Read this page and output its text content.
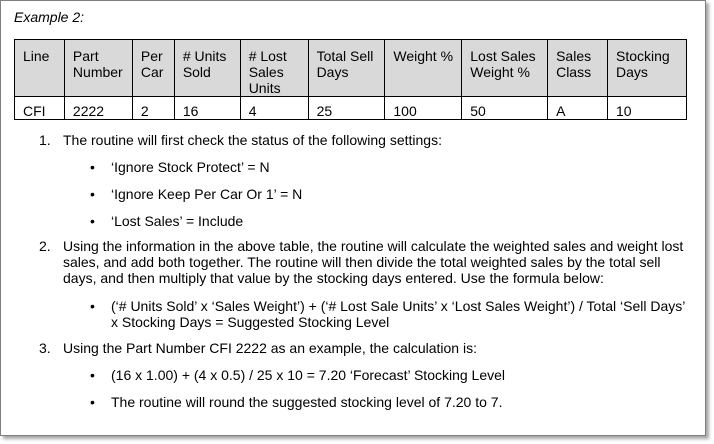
Example 2:
Line	Part Number	Per Car	# Units Sold	# Lost Sales Units	Total Sell Days	Weight %	Lost Sales Weight %	Sales Class	Stocking Days
CFI	2222	2	16	4	25	100	50	A	10
1. The routine will first check the status of the following settings:
• ‘Ignore Stock Protect’ = N
• ‘Ignore Keep Per Car Or 1’ = N
• ‘Lost Sales’ = Include
2. Using the information in the above table, the routine will calculate the weighted sales and weight lost sales, and add both together. The routine will then divide the total weighted sales by the total sell days, and then multiply that value by the stocking days entered. Use the formula below:
• (‘# Units Sold’ x ‘Sales Weight’) + (‘# Lost Sale Units’ x ‘Lost Sales Weight’) / Total ‘Sell Days’ x Stocking Days = Suggested Stocking Level
3. Using the Part Number CFI 2222 as an example, the calculation is:
• (16 x 1.00) + (4 x 0.5) / 25 x 10 = 7.20 ‘Forecast’ Stocking Level
• The routine will round the suggested stocking level of 7.20 to 7.
